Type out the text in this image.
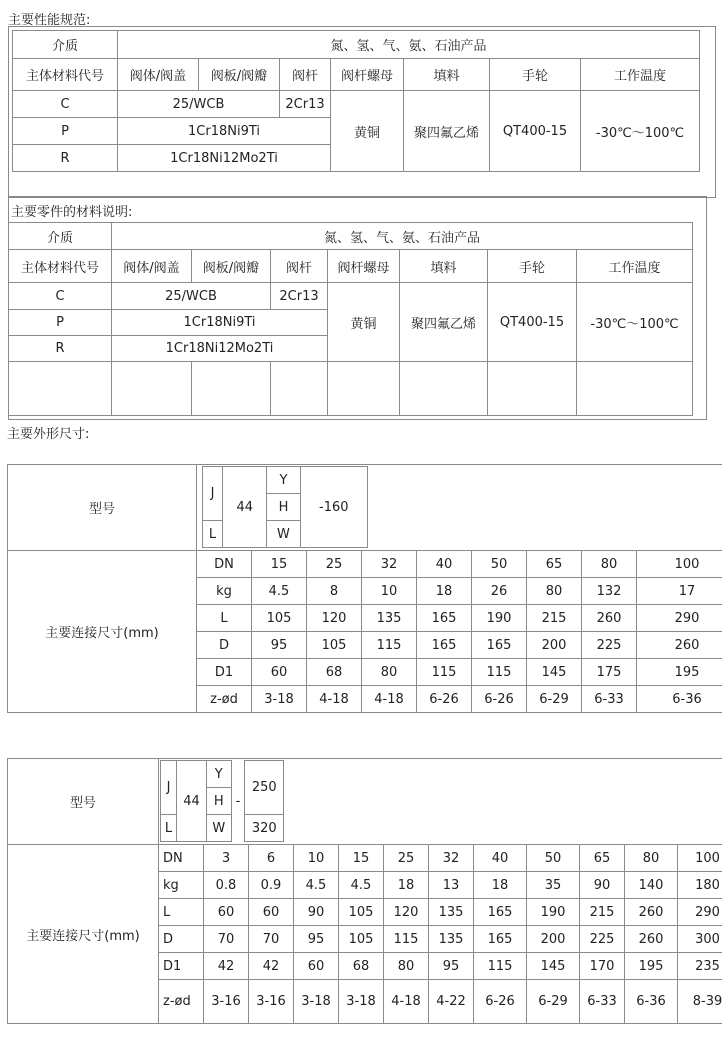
主要性能规范:
介质	氮、氢、气、氨、石油产品						
主体材料代号	阀体/阀盖	阀板/阀瓣	阀杆	阀杆螺母	填料	手轮	工作温度
C	25/WCB		2Cr13	黄铜	聚四氟乙烯	QT400-15	-30℃～100℃
P	1Cr18Ni9Ti						
R	1Cr18Ni12Mo2Ti						
主要零件的材料说明:
介质	氮、氢、气、氨、石油产品						
主体材料代号	阀体/阀盖	阀板/阀瓣	阀杆	阀杆螺母	填料	手轮	工作温度
C	25/WCB		2Cr13	黄铜	聚四氟乙烯	QT400-15	-30℃～100℃
P	1Cr18Ni9Ti						
R	1Cr18Ni12Mo2Ti						

主要外形尺寸:
型号	
J	44	Y	-160
H
L	W

主要连接尺寸(mm)	DN	15	25	32	40	50	65	80	100
kg	4.5	8	10	18	26	80	132	17
L	105	120	135	165	190	215	260	290
D	95	105	115	165	165	200	225	260
D1	60	68	80	115	115	145	175	195
z-ød	3-18	4-18	4-18	6-26	6-26	6-29	6-33	6-36
型号	
J	44	Y	-	250
H
L	W	320

主要连接尺寸(mm)	DN	3	6	10	15	25	32	40	50	65	80	100
kg	0.8	0.9	4.5	4.5	18	13	18	35	90	140	180
L	60	60	90	105	120	135	165	190	215	260	290
D	70	70	95	105	115	135	165	200	225	260	300
D1	42	42	60	68	80	95	115	145	170	195	235
z-ød	3-16	3-16	3-18	3-18	4-18	4-22	6-26	6-29	6-33	6-36	8-39
